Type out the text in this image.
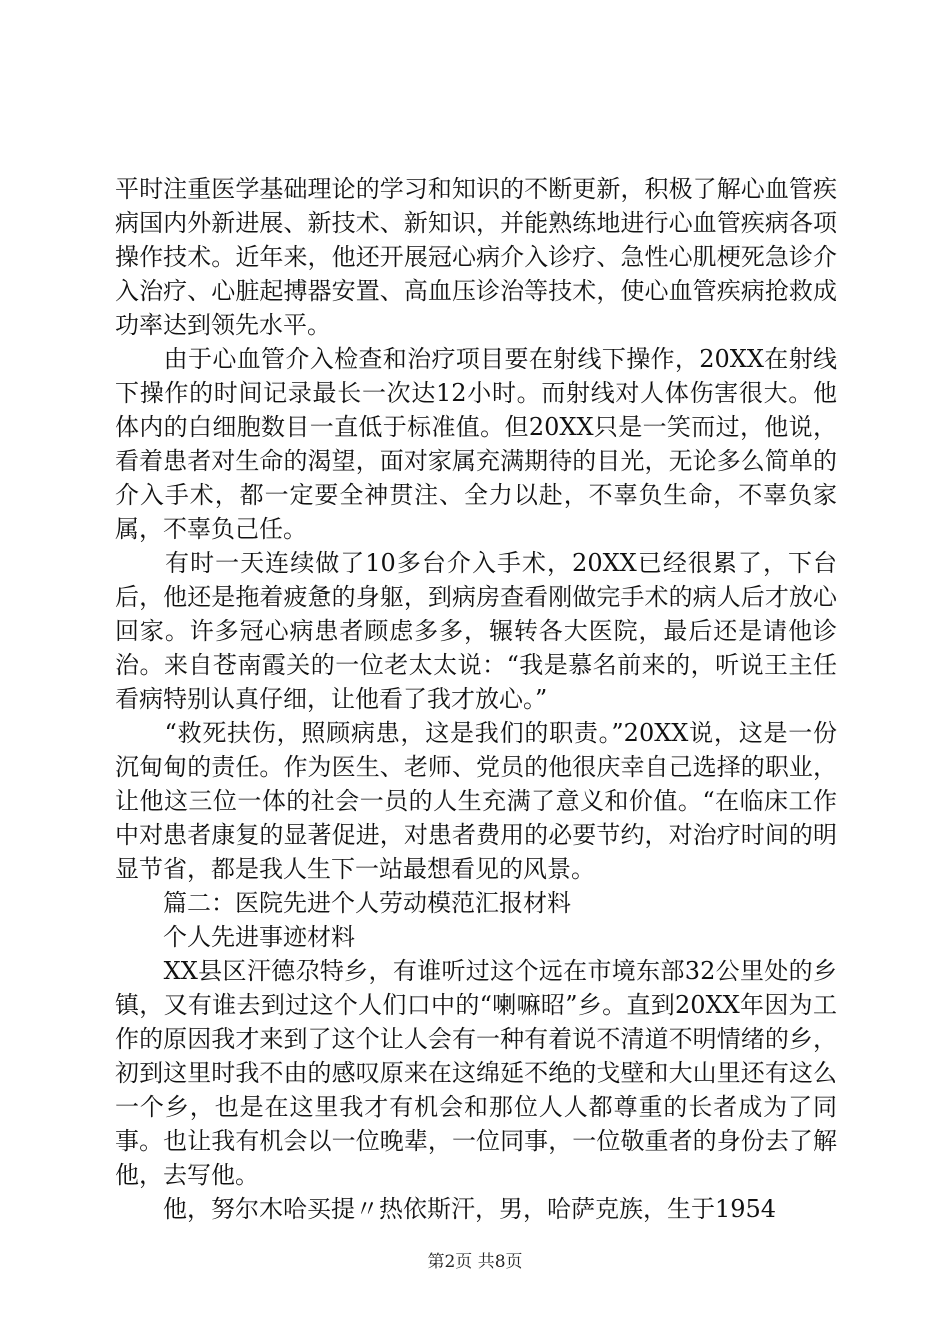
平时注重医学基础理论的学习和知识的不断更新，积极了解心血管疾病国内外新进展、新技术、新知识，并能熟练地进行心血管疾病各项操作技术。近年来，他还开展冠心病介入诊疗、急性心肌梗死急诊介入治疗、心脏起搏器安置、高血压诊治等技术，使心血管疾病抢救成功率达到领先水平。

　　由于心血管介入检查和治疗项目要在射线下操作，20XX在射线下操作的时间记录最长一次达12小时。而射线对人体伤害很大。他体内的白细胞数目一直低于标准值。但20XX只是一笑而过，他说，看着患者对生命的渴望，面对家属充满期待的目光，无论多么简单的介入手术，都一定要全神贯注、全力以赴，不辜负生命，不辜负家属，不辜负己任。

　　有时一天连续做了10多台介入手术，20XX已经很累了，下台后，他还是拖着疲惫的身躯，到病房查看刚做完手术的病人后才放心回家。许多冠心病患者顾虑多多，辗转各大医院，最后还是请他诊治。来自苍南霞关的一位老太太说：“我是慕名前来的，听说王主任看病特别认真仔细，让他看了我才放心。”

　　“救死扶伤，照顾病患，这是我们的职责。”20XX说，这是一份沉甸甸的责任。作为医生、老师、党员的他很庆幸自己选择的职业，让他这三位一体的社会一员的人生充满了意义和价值。“在临床工作中对患者康复的显著促进，对患者费用的必要节约，对治疗时间的明显节省，都是我人生下一站最想看见的风景。

　　篇二：医院先进个人劳动模范汇报材料

　　个人先进事迹材料

　　XX县区汗德尕特乡，有谁听过这个远在市境东部32公里处的乡镇，又有谁去到过这个人们口中的“喇嘛昭”乡。直到20XX年因为工作的原因我才来到了这个让人会有一种有着说不清道不明情绪的乡，初到这里时我不由的感叹原来在这绵延不绝的戈壁和大山里还有这么一个乡，也是在这里我才有机会和那位人人都尊重的长者成为了同事。也让我有机会以一位晚辈，一位同事，一位敬重者的身份去了解他，去写他。

　　他，努尔木哈买提〃热依斯汗，男，哈萨克族，生于1954

第2页 共8页
